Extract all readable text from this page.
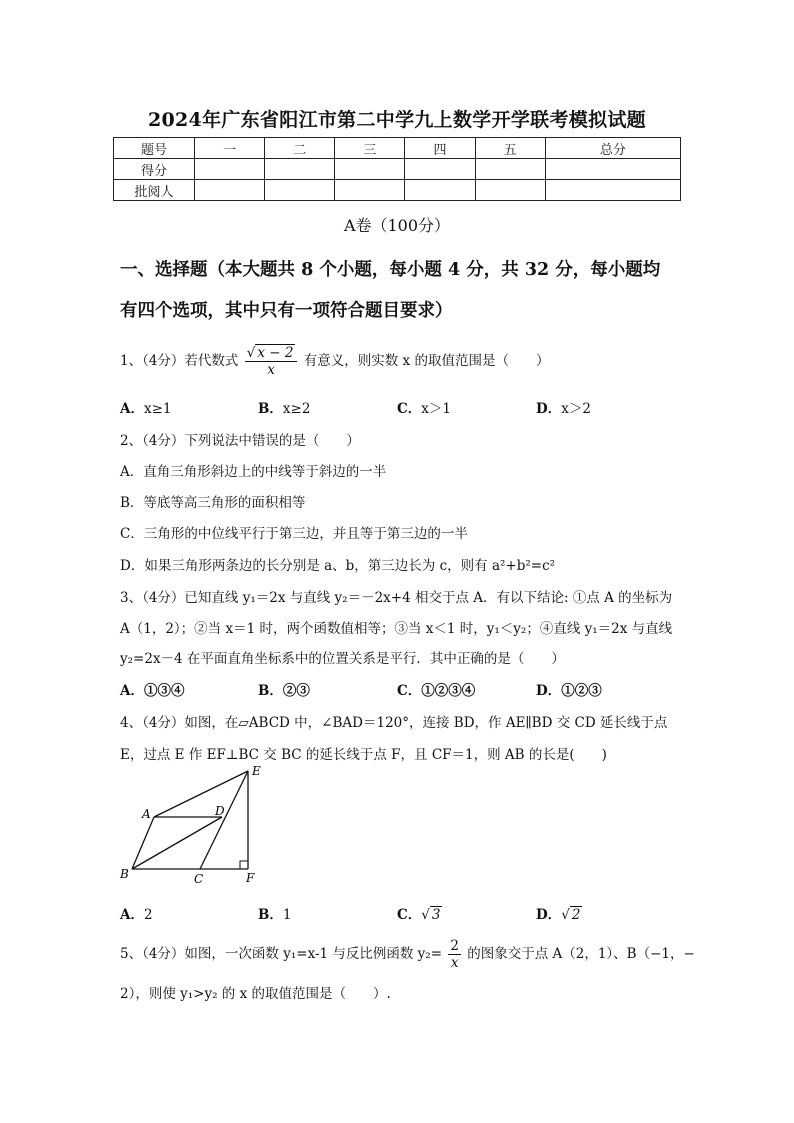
2024年广东省阳江市第二中学九上数学开学联考模拟试题
题号	一	二	三	四	五	总分
得分						
批阅人						
A卷（100分）
一、选择题（本大题共 8 个小题，每小题 4 分，共 32 分，每小题均
有四个选项，其中只有一项符合题目要求）
1、（4分）若代数式 $\frac{√ x - 2}{x}$ 有意义，则实数 x 的取值范围是（　　）
A．x≥1	B．x≥2	C．x＞1	D．x＞2
2、（4分）下列说法中错误的是（　　）
A．直角三角形斜边上的中线等于斜边的一半
B．等底等高三角形的面积相等
C．三角形的中位线平行于第三边，并且等于第三边的一半
D．如果三角形两条边的长分别是 a、b，第三边长为 c，则有 a²+b²=c²
3、（4分）已知直线 y₁＝2x 与直线 y₂＝－2x+4 相交于点 A．有以下结论: ①点 A 的坐标为
A（1，2）；②当 x＝1 时，两个函数值相等；③当 x＜1 时，y₁＜y₂；④直线 y₁＝2x 与直线
y₂=2x－4 在平面直角坐标系中的位置关系是平行．其中正确的是（　　）
A．①③④	B．②③	C．①②③④	D．①②③
4、（4分）如图，在▱ABCD 中，∠BAD＝120°，连接 BD，作 AE∥BD 交 CD 延长线于点
E，过点 E 作 EF⊥BC 交 BC 的延长线于点 F，且 CF＝1，则 AB 的长是(　　)
A
B	C
D
E
F
A．2	B．1	C．√ 3	D．√ 2
5、（4分）如图，一次函数 y₁=x-1 与反比例函数 $y_2= \frac{2}{x}$ 的图象交于点 A（2，1）、B（−1，−
2），则使 y₁>y₂ 的 x 的取值范围是（　　）.
